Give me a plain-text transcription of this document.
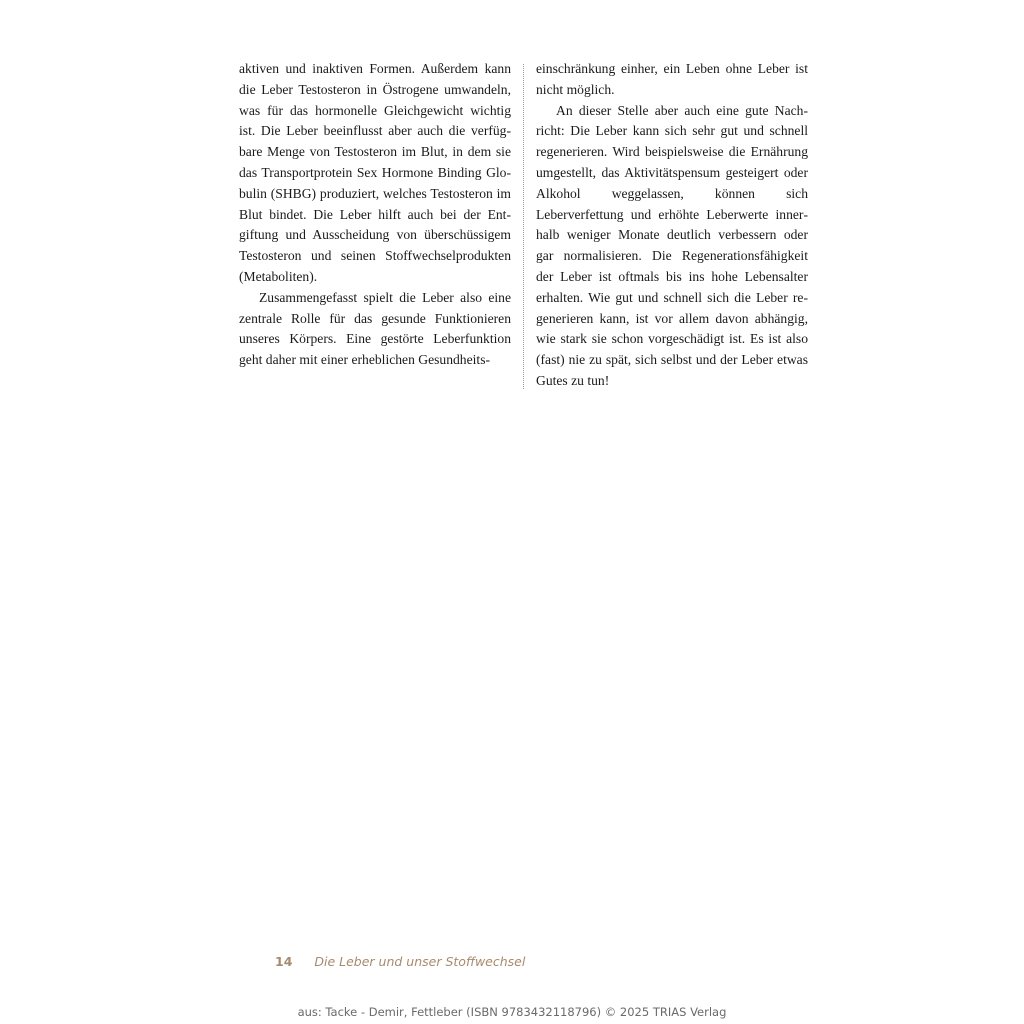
aktiven und inaktiven Formen. Außerdem kann die Leber Testosteron in Östrogene umwandeln, was für das hormonelle Gleichgewicht wichtig ist. Die Leber beeinflusst aber auch die verfügbare Menge von Testosteron im Blut, in dem sie das Transportprotein Sex Hormone Binding Globulin (SHBG) produziert, welches Testosteron im Blut bindet. Die Leber hilft auch bei der Entgiftung und Ausscheidung von überschüssigem Testosteron und seinen Stoffwechselprodukten (Metaboliten).

Zusammengefasst spielt die Leber also eine zentrale Rolle für das gesunde Funktionieren unseres Körpers. Eine gestörte Leberfunktion geht daher mit einer erheblichen Gesundheits-

einschränkung einher, ein Leben ohne Leber ist nicht möglich.

An dieser Stelle aber auch eine gute Nachricht: Die Leber kann sich sehr gut und schnell regenerieren. Wird beispielsweise die Ernährung umgestellt, das Aktivitätspensum gesteigert oder Alkohol weggelassen, können sich Leberverfettung und erhöhte Leberwerte innerhalb weniger Monate deutlich verbessern oder gar normalisieren. Die Regenerationsfähigkeit der Leber ist oftmals bis ins hohe Lebensalter erhalten. Wie gut und schnell sich die Leber regenerieren kann, ist vor allem davon abhängig, wie stark sie schon vorgeschädigt ist. Es ist also (fast) nie zu spät, sich selbst und der Leber etwas Gutes zu tun!

14 Die Leber und unser Stoffwechsel
aus: Tacke - Demir, Fettleber (ISBN 9783432118796) © 2025 TRIAS Verlag
